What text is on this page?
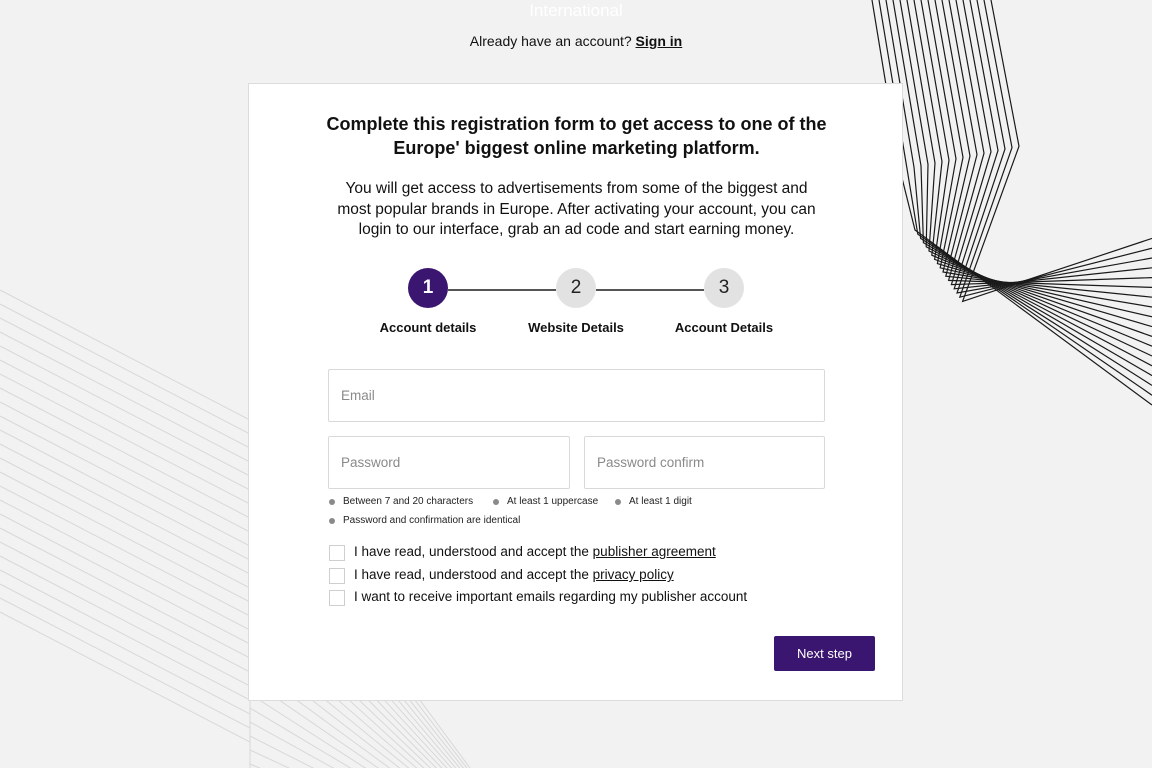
International
Already have an account? Sign in
Complete this registration form to get access to one of the Europe' biggest online marketing platform.

You will get access to advertisements from some of the biggest and most popular brands in Europe. After activating your account, you can login to our interface, grab an ad code and start earning money.

1	2	3
Account details	Website Details	Account Details
Email
Between 7 and 20 characters	At least 1 uppercase	At least 1 digit
Password and confirmation are identical
I have read, understood and accept the publisher agreement
I have read, understood and accept the privacy policy
I want to receive important emails regarding my publisher account
Next step
